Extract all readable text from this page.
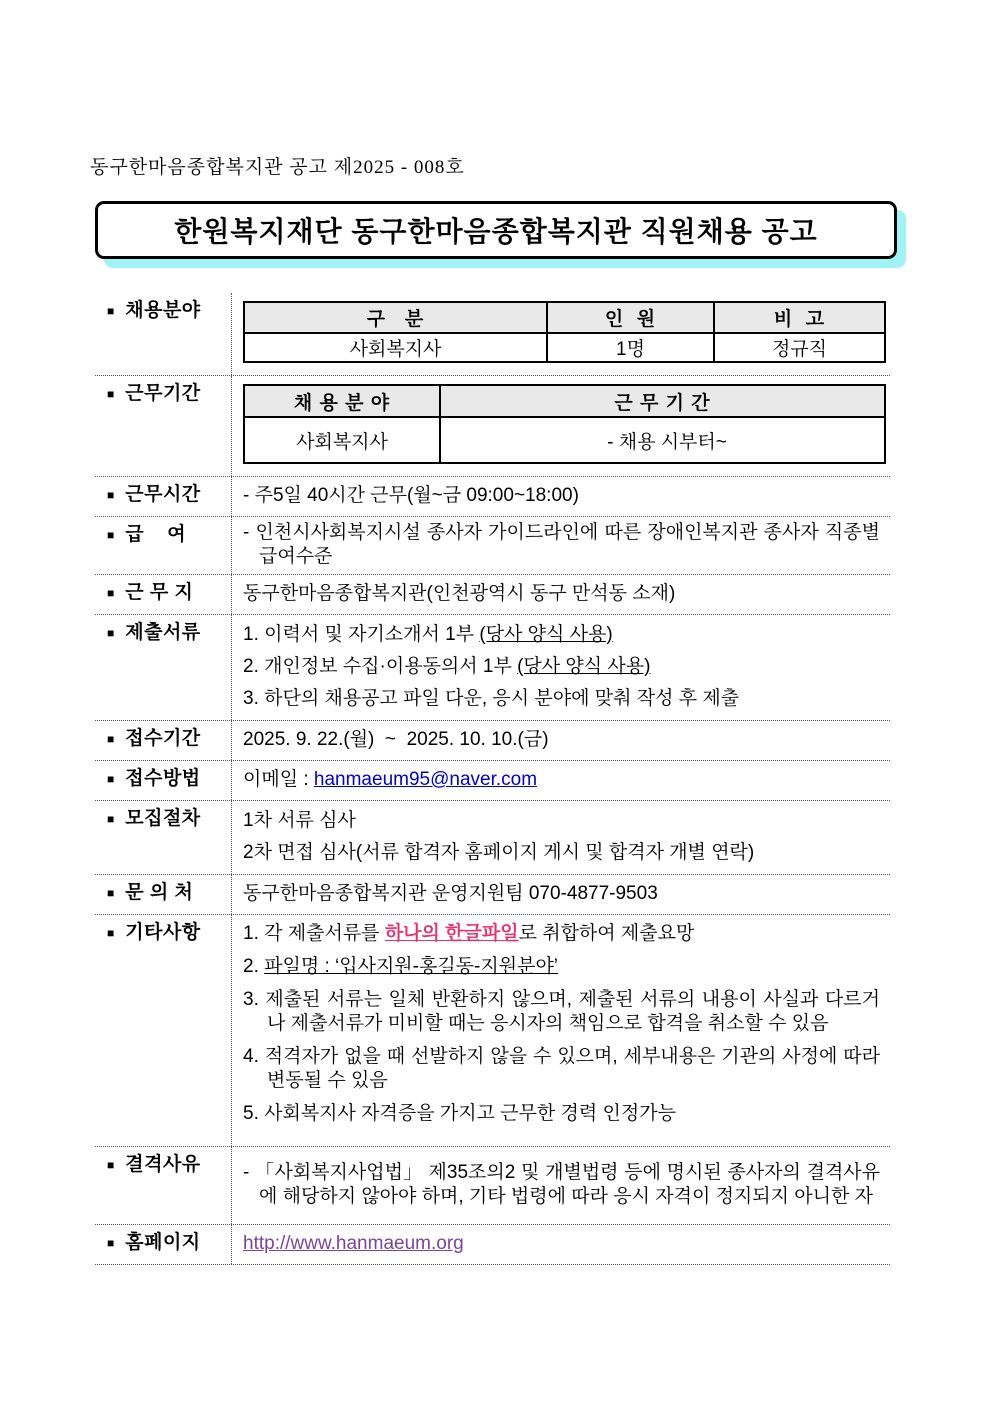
동구한마음종합복지관 공고 제2025 - 008호
한원복지재단 동구한마음종합복지관 직원채용 공고
■ 채용분야	구   분	인  원	비  고
사회복지사	1명	정규직
■ 근무기간	채 용 분 야	근 무 기 간
사회복지사	- 채용 시부터~
■ 근무시간 - 주5일 40시간 근무(월~금 09:00~18:00)
■ 급    여	- 인천시사회복지시설 종사자 가이드라인에 따른 장애인복지관 종사자 직종별 급여수준
■ 근 무 지	동구한마음종합복지관(인천광역시 동구 만석동 소재)
■ 제출서류 1. 이력서 및 자기소개서 1부 (당사 양식 사용)
2. 개인정보 수집·이용동의서 1부 (당사 양식 사용)
3. 하단의 채용공고 파일 다운, 응시 분야에 맞춰 작성 후 제출
■ 접수기간 2025. 9. 22.(월)  ~  2025. 10. 10.(금)
■ 접수방법 이메일 : hanmaeum95@naver.com
■ 모집절차 1차 서류 심사
2차 면접 심사(서류 합격자 홈페이지 게시 및 합격자 개별 연락)
■ 문 의 처	동구한마음종합복지관 운영지원팀 070-4877-9503
■ 기타사항 1. 각 제출서류를 하나의 한글파일로 취합하여 제출요망
2. 파일명 : ‘입사지원-홍길동-지원분야’
3. 제출된 서류는 일체 반환하지 않으며, 제출된 서류의 내용이 사실과 다르거나 제출서류가 미비할 때는 응시자의 책임으로 합격을 취소할 수 있음
4. 적격자가 없을 때 선발하지 않을 수 있으며, 세부내용은 기관의 사정에 따라 변동될 수 있음
5. 사회복지사 자격증을 가지고 근무한 경력 인정가능
■ 결격사유 - 「사회복지사업법」 제35조의2 및 개별법령 등에 명시된 종사자의 결격사유에 해당하지 않아야 하며, 기타 법령에 따라 응시 자격이 정지되지 아니한 자
■ 홈페이지 http://www.hanmaeum.org
